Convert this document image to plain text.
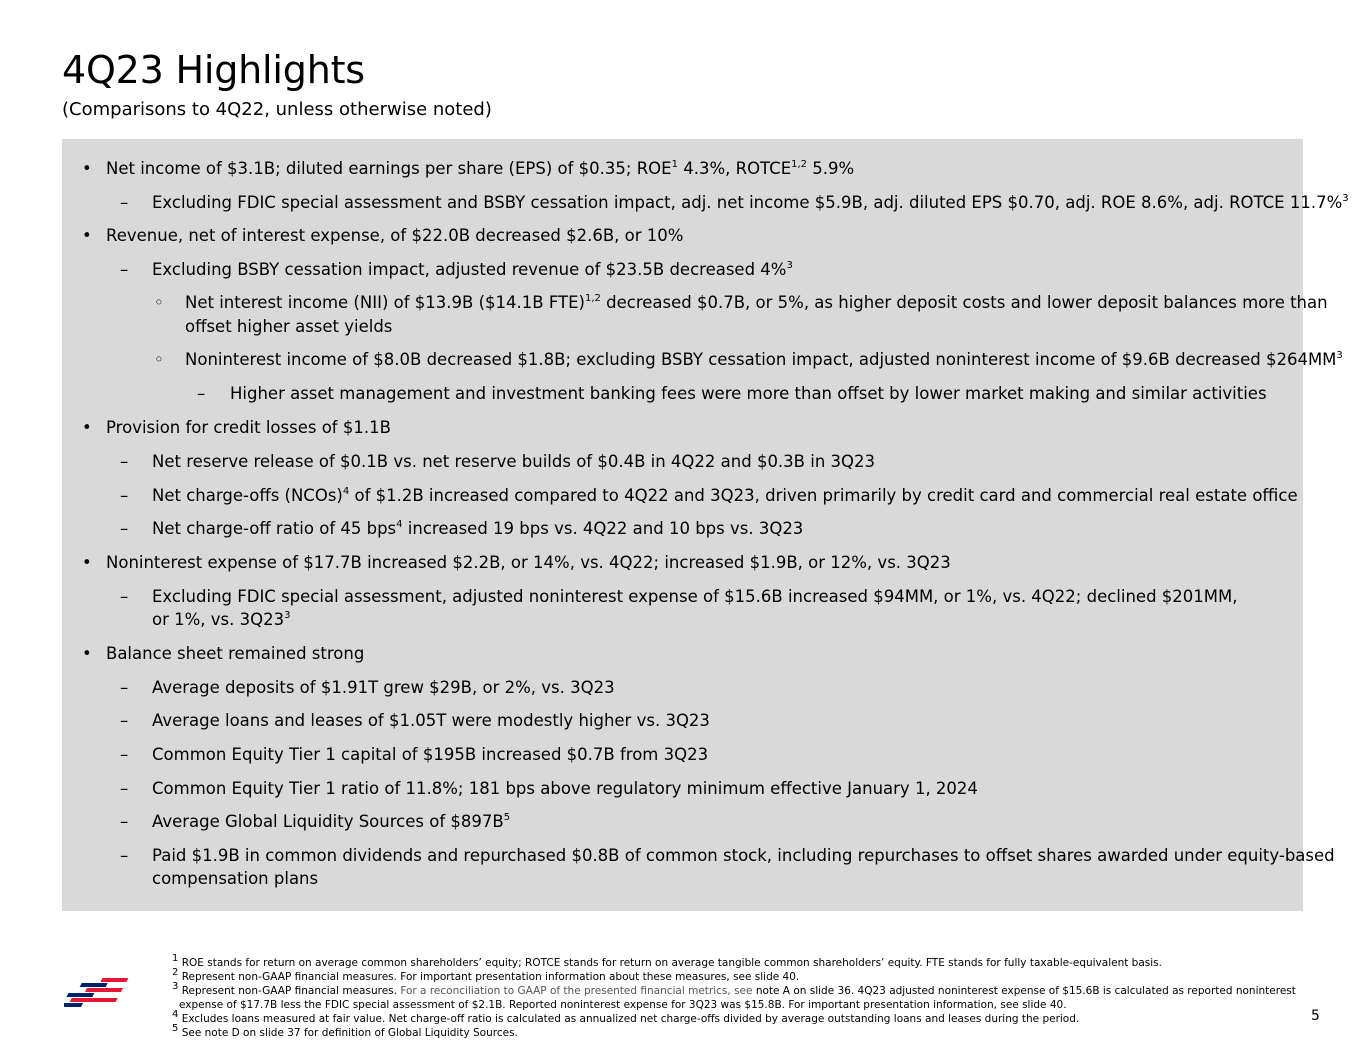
4Q23 Highlights
(Comparisons to 4Q22, unless otherwise noted)
• Net income of $3.1B; diluted earnings per share (EPS) of $0.35; ROE$^1$ 4.3%, ROTCE$^{1,2}$ 5.9%
– Excluding FDIC special assessment and BSBY cessation impact, adj. net income $5.9B, adj. diluted EPS $0.70, adj. ROE 8.6%, adj. ROTCE 11.7%$^3$
• Revenue, net of interest expense, of $22.0B decreased $2.6B, or 10%
– Excluding BSBY cessation impact, adjusted revenue of $23.5B decreased 4%$^3$
◦ Net interest income (NII) of $13.9B ($14.1B FTE)$^{1,2}$ decreased $0.7B, or 5%, as higher deposit costs and lower deposit balances more than
offset higher asset yields
◦ Noninterest income of $8.0B decreased $1.8B; excluding BSBY cessation impact, adjusted noninterest income of $9.6B decreased $\$264MM^3$
– Higher asset management and investment banking fees were more than offset by lower market making and similar activities
• Provision for credit losses of $1.1B
– Net reserve release of $0.1B vs. net reserve builds of $0.4B in 4Q22 and $0.3B in 3Q23
– Net charge-offs (NCOs)$^4$ of $1.2B increased compared to 4Q22 and 3Q23, driven primarily by credit card and commercial real estate office
– Net charge-off ratio of 45 bps$^4$ increased 19 bps vs. 4Q22 and 10 bps vs. 3Q23
• Noninterest expense of $17.7B increased $2.2B, or 14%, vs. 4Q22; increased $1.9B, or 12%, vs. 3Q23
– Excluding FDIC special assessment, adjusted noninterest expense of $15.6B increased $94MM, or 1%, vs. 4Q22; declined $201MM,
or 1%, vs. $3Q23^3$
• Balance sheet remained strong
– Average deposits of $1.91T grew $29B, or 2%, vs. 3Q23
– Average loans and leases of $1.05T were modestly higher vs. 3Q23
– Common Equity Tier 1 capital of $195B increased $0.7B from 3Q23
– Common Equity Tier 1 ratio of 11.8%; 181 bps above regulatory minimum effective January 1, 2024
– Average Global Liquidity Sources of $\$897B^5$
– Paid $1.9B in common dividends and repurchased $0.8B of common stock, including repurchases to offset shares awarded under equity-based
compensation plans
$^1$ ROE stands for return on average common shareholders’ equity; ROTCE stands for return on average tangible common shareholders’ equity. FTE stands for fully taxable-equivalent basis.
$^2$ Represent non-GAAP financial measures. For important presentation information about these measures, see slide 40.
$^3$ Represent non-GAAP financial measures. For a reconciliation to GAAP of the presented financial metrics, see note A on slide 36. 4Q23 adjusted noninterest expense of $15.6B is calculated as reported noninterest
expense of $17.7B less the FDIC special assessment of $2.1B. Reported noninterest expense for 3Q23 was $15.8B. For important presentation information, see slide 40.
$^4$ Excludes loans measured at fair value. Net charge-off ratio is calculated as annualized net charge-offs divided by average outstanding loans and leases during the period.
$^5$ See note D on slide 37 for definition of Global Liquidity Sources.
5
